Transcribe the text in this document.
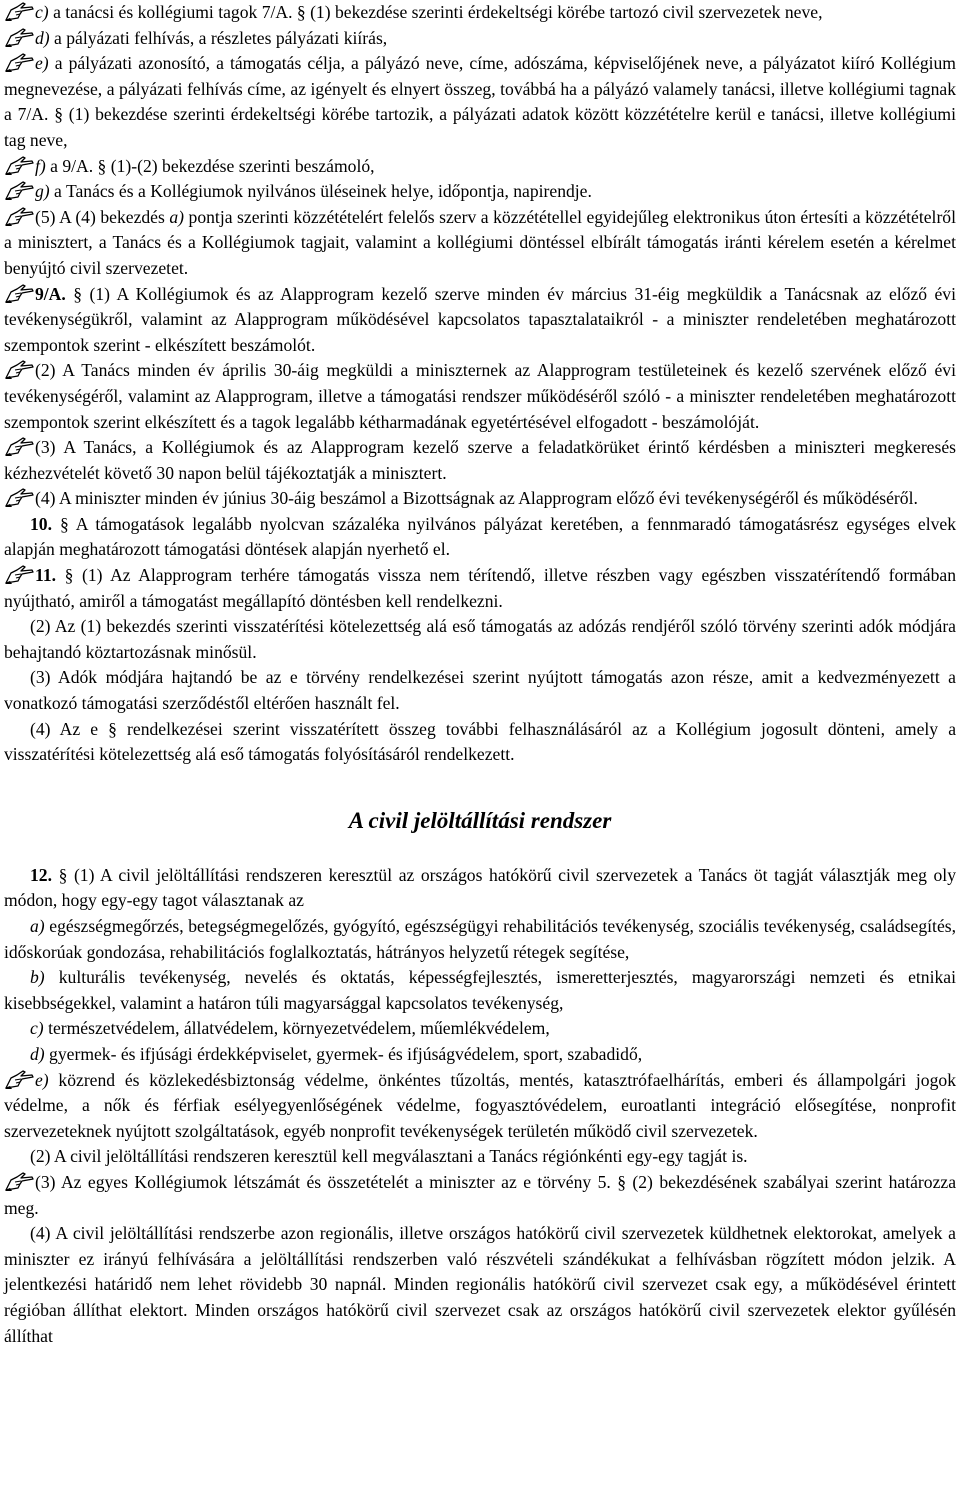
c) a tanácsi és kollégiumi tagok 7/A. § (1) bekezdése szerinti érdekeltségi körébe tartozó civil szervezetek neve,
d) a pályázati felhívás, a részletes pályázati kiírás,
e) a pályázati azonosító, a támogatás célja, a pályázó neve, címe, adószáma, képviselőjének neve, a pályázatot kiíró Kollégium megnevezése, a pályázati felhívás címe, az igényelt és elnyert összeg, továbbá ha a pályázó valamely tanácsi, illetve kollégiumi tagnak a 7/A. § (1) bekezdése szerinti érdekeltségi körébe tartozik, a pályázati adatok között közzétételre kerül e tanácsi, illetve kollégiumi tag neve,
f) a 9/A. § (1)-(2) bekezdése szerinti beszámoló,
g) a Tanács és a Kollégiumok nyilvános üléseinek helye, időpontja, napirendje.
(5) A (4) bekezdés a) pontja szerinti közzétételért felelős szerv a közzététellel egyidejűleg elektronikus úton értesíti a közzétételről a minisztert, a Tanács és a Kollégiumok tagjait, valamint a kollégiumi döntéssel elbírált támogatás iránti kérelem esetén a kérelmet benyújtó civil szervezetet.
9/A. § (1) A Kollégiumok és az Alapprogram kezelő szerve minden év március 31-éig megküldik a Tanácsnak az előző évi tevékenységükről, valamint az Alapprogram működésével kapcsolatos tapasztalataikról - a miniszter rendeletében meghatározott szempontok szerint - elkészített beszámolót.
(2) A Tanács minden év április 30-áig megküldi a miniszternek az Alapprogram testületeinek és kezelő szervének előző évi tevékenységéről, valamint az Alapprogram, illetve a támogatási rendszer működéséről szóló - a miniszter rendeletében meghatározott szempontok szerint elkészített és a tagok legalább kétharmadának egyetértésével elfogadott - beszámolóját.
(3) A Tanács, a Kollégiumok és az Alapprogram kezelő szerve a feladatkörüket érintő kérdésben a miniszteri megkeresés kézhezvételét követő 30 napon belül tájékoztatják a minisztert.
(4) A miniszter minden év június 30-áig beszámol a Bizottságnak az Alapprogram előző évi tevékenységéről és működéséről.
10. § A támogatások legalább nyolcvan százaléka nyilvános pályázat keretében, a fennmaradó támogatásrész egységes elvek alapján meghatározott támogatási döntések alapján nyerhető el.
11. § (1) Az Alapprogram terhére támogatás vissza nem térítendő, illetve részben vagy egészben visszatérítendő formában nyújtható, amiről a támogatást megállapító döntésben kell rendelkezni.
(2) Az (1) bekezdés szerinti visszatérítési kötelezettség alá eső támogatás az adózás rendjéről szóló törvény szerinti adók módjára behajtandó köztartozásnak minősül.
(3) Adók módjára hajtandó be az e törvény rendelkezései szerint nyújtott támogatás azon része, amit a kedvezményezett a vonatkozó támogatási szerződéstől eltérően használt fel.
(4) Az e § rendelkezései szerint visszatérített összeg további felhasználásáról az a Kollégium jogosult dönteni, amely a visszatérítési kötelezettség alá eső támogatás folyósításáról rendelkezett.
A civil jelöltállítási rendszer
12. § (1) A civil jelöltállítási rendszeren keresztül az országos hatókörű civil szervezetek a Tanács öt tagját választják meg oly módon, hogy egy-egy tagot választanak az
a) egészségmegőrzés, betegségmegelőzés, gyógyító, egészségügyi rehabilitációs tevékenység, szociális tevékenység, családsegítés, időskorúak gondozása, rehabilitációs foglalkoztatás, hátrányos helyzetű rétegek segítése,
b) kulturális tevékenység, nevelés és oktatás, képességfejlesztés, ismeretterjesztés, magyarországi nemzeti és etnikai kisebbségekkel, valamint a határon túli magyarsággal kapcsolatos tevékenység,
c) természetvédelem, állatvédelem, környezetvédelem, műemlékvédelem,
d) gyermek- és ifjúsági érdekképviselet, gyermek- és ifjúságvédelem, sport, szabadidő,
e) közrend és közlekedésbiztonság védelme, önkéntes tűzoltás, mentés, katasztrófaelhárítás, emberi és állampolgári jogok védelme, a nők és férfiak esélyegyenlőségének védelme, fogyasztóvédelem, euroatlanti integráció elősegítése, nonprofit szervezeteknek nyújtott szolgáltatások, egyéb nonprofit tevékenységek területén működő civil szervezetek.
(2) A civil jelöltállítási rendszeren keresztül kell megválasztani a Tanács régiónkénti egy-egy tagját is.
(3) Az egyes Kollégiumok létszámát és összetételét a miniszter az e törvény 5. § (2) bekezdésének szabályai szerint határozza meg.
(4) A civil jelöltállítási rendszerbe azon regionális, illetve országos hatókörű civil szervezetek küldhetnek elektorokat, amelyek a miniszter ez irányú felhívására a jelöltállítási rendszerben való részvételi szándékukat a felhívásban rögzített módon jelzik. A jelentkezési határidő nem lehet rövidebb 30 napnál. Minden regionális hatókörű civil szervezet csak egy, a működésével érintett régióban állíthat elektort. Minden országos hatókörű civil szervezet csak az országos hatókörű civil szervezetek elektor gyűlésén állíthat
